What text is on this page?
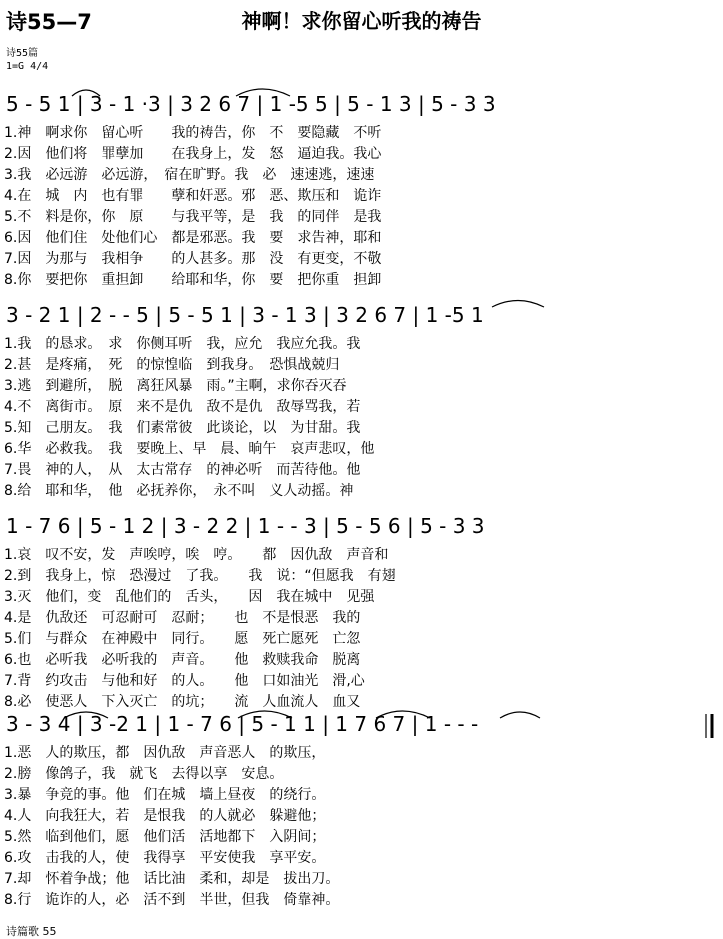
诗55—7	神啊！求你留心听我的祷告
诗55篇
1=G 4/4
5 - 5 1 | 3 - 1 ·3 | 3 2 6 7 | 1 -5 5 | 5 - 1 3 | 5 - 3 3
1.神　啊求你　留心听　　我的祷告，你　不　要隐藏　不听
2.因　他们将　罪孽加　　在我身上，发　怒　逼迫我。我心
3.我　必远游　必远游，　宿在旷野。我　必　速速逃，速速
4.在　城　内　也有罪　　孽和奸恶。邪　恶、欺压和　诡诈
5.不　料是你，你　原　　与我平等，是　我　的同伴　是我
6.因　他们住　处他们心　都是邪恶。我　要　求告神，耶和
7.因　为那与　我相争　　的人甚多。那　没　有更变，不敬
8.你　要把你　重担卸　　给耶和华，你　要　把你重　担卸
3 - 2 1 | 2 - - 5 | 5 - 5 1 | 3 - 1 3 | 3 2 6 7 | 1 -5 1
1.我　的恳求。　求　你侧耳听　我，应允　我应允我。我
2.甚　是疼痛，　死　的惊惶临　到我身。　恐惧战兢归
3.逃　到避所，　脱　离狂风暴　雨。”主啊，求你吞灭吞
4.不　离街市。　原　来不是仇　敌不是仇　敌辱骂我，若
5.知　己朋友。　我　们素常彼　此谈论，以　为甘甜。我
6.华　必救我。　我　要晚上、早　晨、晌午　哀声悲叹，他
7.畏　神的人，　从　太古常存　的神必听　而苦待他。他
8.给　耶和华，　他　必抚养你，　永不叫　义人动摇。神
1 - 7 6 | 5 - 1 2 | 3 - 2 2 | 1 - - 3 | 5 - 5 6 | 5 - 3 3
1.哀　叹不安，发　声唉哼，唉　哼。　　都　因仇敌　声音和
2.到　我身上，惊　恐漫过　了我。　　我　说：“但愿我　有翅
3.灭　他们，变　乱他们的　舌头，　　因　我在城中　见强
4.是　仇敌还　可忍耐可　忍耐；　　也　不是恨恶　我的
5.们　与群众　在神殿中　同行。　　愿　死亡愿死　亡忽
6.也　必听我　必听我的　声音。　　他　救赎我命　脱离
7.背　约攻击　与他和好　的人。　　他　口如油光　滑,心
8.必　使恶人　下入灭亡　的坑；　　流　人血流人　血又
3 - 3 4 | 3 -2 1 | 1 - 7 6 | 5 - 1 1 | 1 7 6 7 | 1 - - -
1.恶　人的欺压，都　因仇敌　声音恶人　的欺压，
2.膀　像鸽子，我　就飞　去得以享　安息。
3.暴　争竞的事。他　们在城　墙上昼夜　的绕行。
4.人　向我狂大，若　是恨我　的人就必　躲避他；
5.然　临到他们，愿　他们活　活地都下　入阴间；
6.攻　击我的人，使　我得享　平安使我　享平安。
7.却　怀着争战；他　话比油　柔和，却是　拔出刀。
8.行　诡诈的人，必　活不到　半世，但我　倚靠神。
诗篇歌 55
